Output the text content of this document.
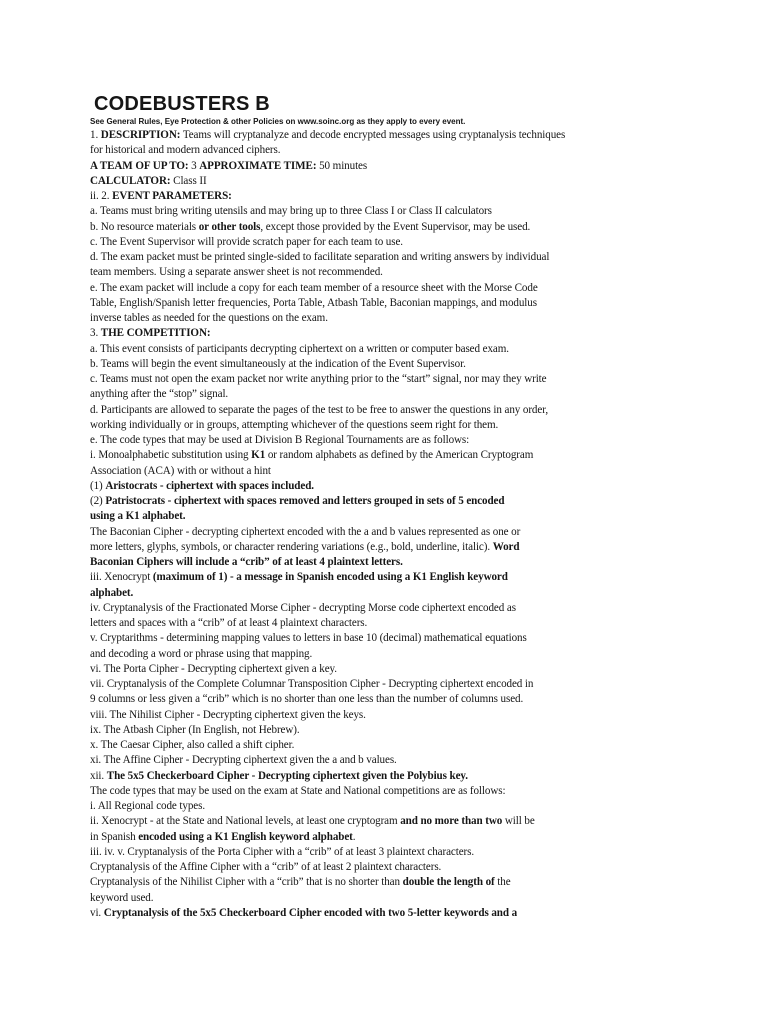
CODEBUSTERS B
See General Rules, Eye Protection & other Policies on www.soinc.org as they apply to every event.
1. DESCRIPTION: Teams will cryptanalyze and decode encrypted messages using cryptanalysis techniques
for historical and modern advanced ciphers.
A TEAM OF UP TO: 3 APPROXIMATE TIME: 50 minutes
CALCULATOR: Class II
ii. 2. EVENT PARAMETERS:
a. Teams must bring writing utensils and may bring up to three Class I or Class II calculators
b. No resource materials or other tools, except those provided by the Event Supervisor, may be used.
c. The Event Supervisor will provide scratch paper for each team to use.
d. The exam packet must be printed single-sided to facilitate separation and writing answers by individual
team members. Using a separate answer sheet is not recommended.
e. The exam packet will include a copy for each team member of a resource sheet with the Morse Code
Table, English/Spanish letter frequencies, Porta Table, Atbash Table, Baconian mappings, and modulus
inverse tables as needed for the questions on the exam.
3. THE COMPETITION:
a. This event consists of participants decrypting ciphertext on a written or computer based exam.
b. Teams will begin the event simultaneously at the indication of the Event Supervisor.
c. Teams must not open the exam packet nor write anything prior to the “start” signal, nor may they write
anything after the “stop” signal.
d. Participants are allowed to separate the pages of the test to be free to answer the questions in any order,
working individually or in groups, attempting whichever of the questions seem right for them.
e. The code types that may be used at Division B Regional Tournaments are as follows:
i. Monoalphabetic substitution using K1 or random alphabets as defined by the American Cryptogram
Association (ACA) with or without a hint
(1) Aristocrats - ciphertext with spaces included.
(2) Patristocrats - ciphertext with spaces removed and letters grouped in sets of 5 encoded
using a K1 alphabet.
The Baconian Cipher - decrypting ciphertext encoded with the a and b values represented as one or
more letters, glyphs, symbols, or character rendering variations (e.g., bold, underline, italic). Word
Baconian Ciphers will include a “crib” of at least 4 plaintext letters.
iii. Xenocrypt (maximum of 1) - a message in Spanish encoded using a K1 English keyword
alphabet.
iv. Cryptanalysis of the Fractionated Morse Cipher - decrypting Morse code ciphertext encoded as
letters and spaces with a “crib” of at least 4 plaintext characters.
v. Cryptarithms - determining mapping values to letters in base 10 (decimal) mathematical equations
and decoding a word or phrase using that mapping.
vi. The Porta Cipher - Decrypting ciphertext given a key.
vii. Cryptanalysis of the Complete Columnar Transposition Cipher - Decrypting ciphertext encoded in
9 columns or less given a “crib” which is no shorter than one less than the number of columns used.
viii. The Nihilist Cipher - Decrypting ciphertext given the keys.
ix. The Atbash Cipher (In English, not Hebrew).
x. The Caesar Cipher, also called a shift cipher.
xi. The Affine Cipher - Decrypting ciphertext given the a and b values.
xii. The 5x5 Checkerboard Cipher - Decrypting ciphertext given the Polybius key.
The code types that may be used on the exam at State and National competitions are as follows:
i. All Regional code types.
ii. Xenocrypt - at the State and National levels, at least one cryptogram and no more than two will be
in Spanish encoded using a K1 English keyword alphabet.
iii. iv. v. Cryptanalysis of the Porta Cipher with a “crib” of at least 3 plaintext characters.
Cryptanalysis of the Affine Cipher with a “crib” of at least 2 plaintext characters.
Cryptanalysis of the Nihilist Cipher with a “crib” that is no shorter than double the length of the
keyword used.
vi. Cryptanalysis of the 5x5 Checkerboard Cipher encoded with two 5-letter keywords and a
